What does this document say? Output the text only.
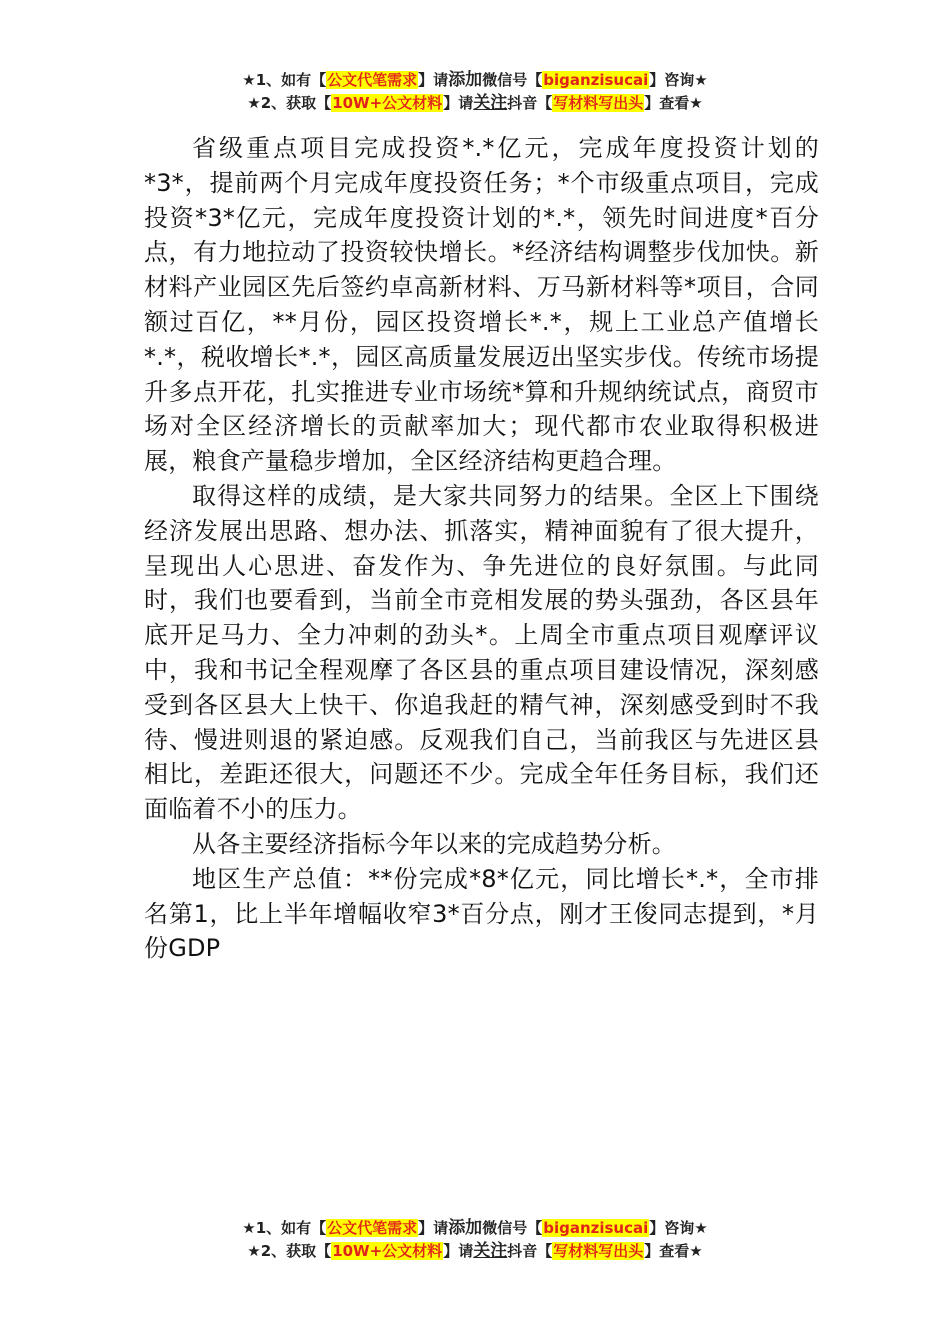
★1、如有【公文代笔需求】请添加微信号【biganzisucai】咨询★
★2、获取【10W+公文材料】请关注抖音【写材料写出头】查看★

省级重点项目完成投资*.*亿元，完成年度投资计划的*3*，提前两个月完成年度投资任务；*个市级重点项目，完成投资*3*亿元，完成年度投资计划的*.*，领先时间进度*百分点，有力地拉动了投资较快增长。*经济结构调整步伐加快。新材料产业园区先后签约卓高新材料、万马新材料等*项目，合同额过百亿，**月份，园区投资增长*.*，规上工业总产值增长*.*，税收增长*.*，园区高质量发展迈出坚实步伐。传统市场提升多点开花，扎实推进专业市场统*算和升规纳统试点，商贸市场对全区经济增长的贡献率加大；现代都市农业取得积极进展，粮食产量稳步增加，全区经济结构更趋合理。

取得这样的成绩，是大家共同努力的结果。全区上下围绕经济发展出思路、想办法、抓落实，精神面貌有了很大提升，呈现出人心思进、奋发作为、争先进位的良好氛围。与此同时，我们也要看到，当前全市竞相发展的势头强劲，各区县年底开足马力、全力冲刺的劲头*。上周全市重点项目观摩评议中，我和书记全程观摩了各区县的重点项目建设情况，深刻感受到各区县大上快干、你追我赶的精气神，深刻感受到时不我待、慢进则退的紧迫感。反观我们自己，当前我区与先进区县相比，差距还很大，问题还不少。完成全年任务目标，我们还面临着不小的压力。

从各主要经济指标今年以来的完成趋势分析。

地区生产总值：**份完成*8*亿元，同比增长*.*，全市排名第1，比上半年增幅收窄3*百分点，刚才王俊同志提到，*月份GDP

★1、如有【公文代笔需求】请添加微信号【biganzisucai】咨询★
★2、获取【10W+公文材料】请关注抖音【写材料写出头】查看★
